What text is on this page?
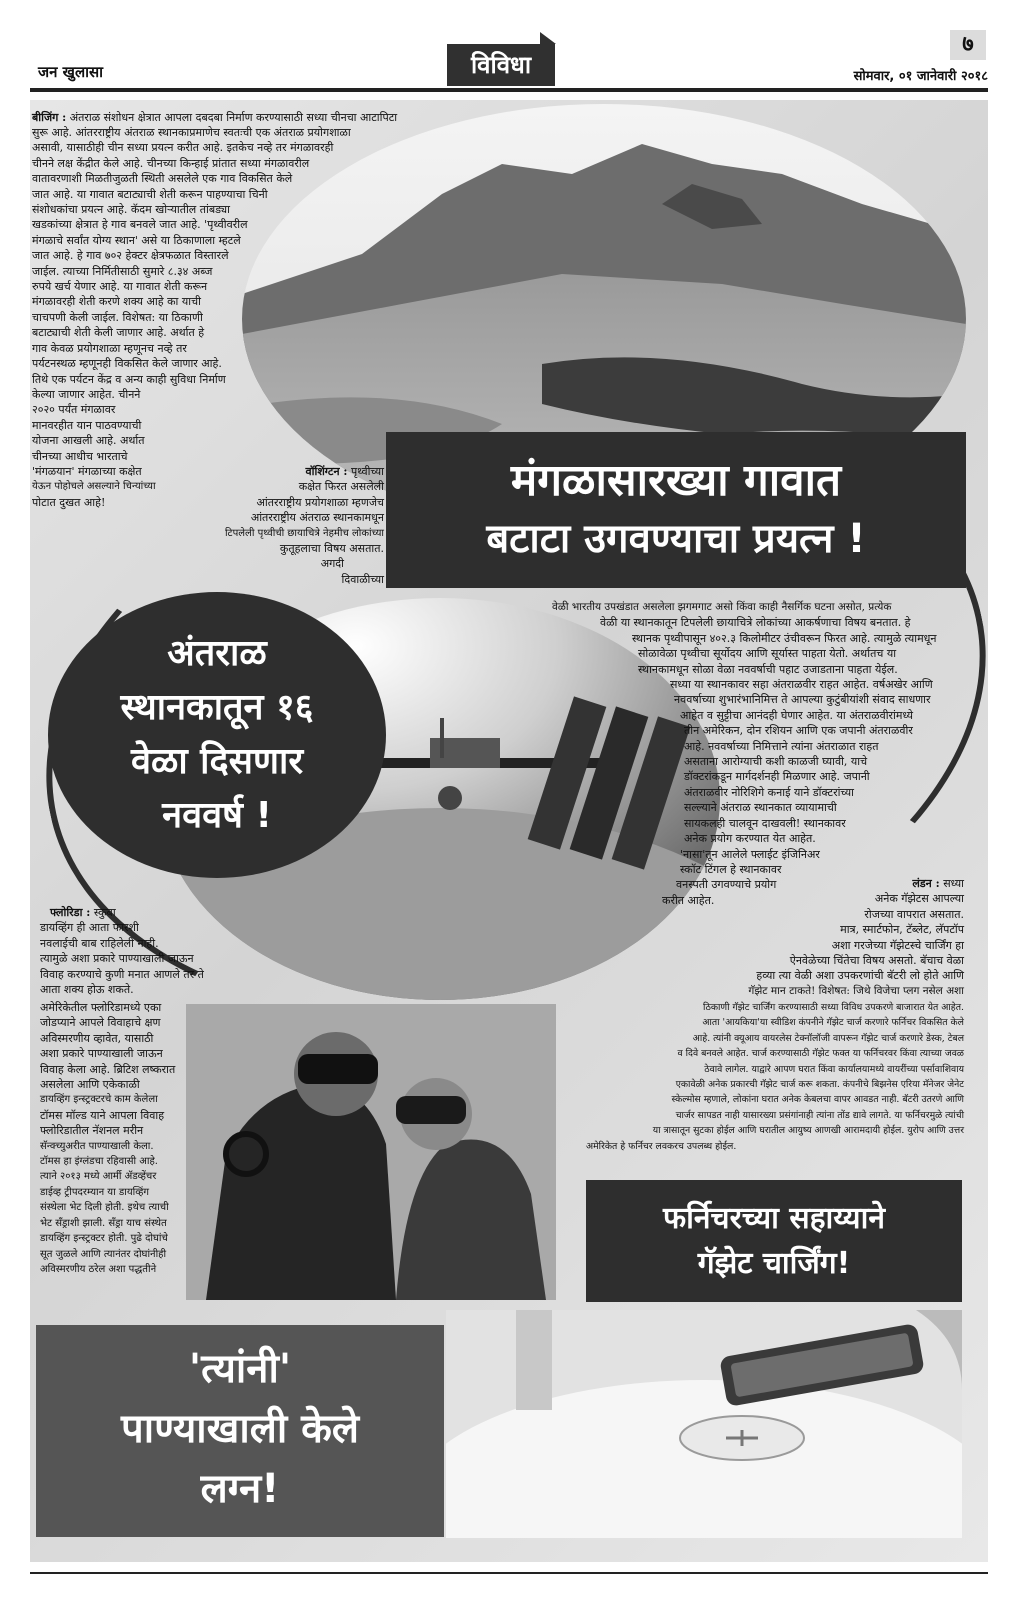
जन खुलासा	विविधा
७
सोमवार, ०१ जानेवारी २०१८

बीजिंग : अंतराळ संशोधन क्षेत्रात आपला दबदबा निर्माण करण्यासाठी सध्या चीनचा आटापिटा

सुरू आहे. आंतरराष्ट्रीय अंतराळ स्थानकाप्रमाणेच स्वतःची एक अंतराळ प्रयोगशाळा
असावी, यासाठीही चीन सध्या प्रयत्न करीत आहे. इतकेच नव्हे तर मंगळावरही
चीनने लक्ष केंद्रीत केले आहे. चीनच्या किन्हाई प्रांतात सध्या मंगळावरील
वातावरणाशी मिळतीजुळती स्थिती असलेले एक गाव विकसित केले
जात आहे. या गावात बटाट्याची शेती करून पाहण्याचा चिनी
संशोधकांचा प्रयत्न आहे. कॅदम खोऱ्यातील तांबड्या
खडकांच्या क्षेत्रात हे गाव बनवले जात आहे. 'पृथ्वीवरील
मंगळाचे सर्वांत योग्य स्थान' असे या ठिकाणाला म्हटले
जात आहे. हे गाव ७०२ हेक्टर क्षेत्रफळात विस्तारले
जाईल. त्याच्या निर्मितीसाठी सुमारे ८.३४ अब्ज
रुपये खर्च येणार आहे. या गावात शेती करून
मंगळावरही शेती करणे शक्य आहे का याची
चाचपणी केली जाईल. विशेषत: या ठिकाणी
बटाट्याची शेती केली जाणार आहे. अर्थात हे
गाव केवळ प्रयोगशाळा म्हणूनच नव्हे तर
पर्यटनस्थळ म्हणूनही विकसित केले जाणार आहे.
तिथे एक पर्यटन केंद्र व अन्य काही सुविधा निर्माण
केल्या जाणार आहेत. चीनने
२०२० पर्यंत मंगळावर
मानवरहीत यान पाठवण्याची
योजना आखली आहे. अर्थात
चीनच्या आधीच भारताचे
'मंगळयान' मंगळाच्या कक्षेत
येऊन पोहोचले असल्याने चिन्यांच्या
पोटात दुखत आहे!	मंगळासारख्या गावात
बटाटा उगवण्याचा प्रयत्न !
वॉशिंग्टन : पृथ्वीच्या
कक्षेत फिरत असलेली
आंतरराष्ट्रीय प्रयोगशाळा म्हणजेच
आंतरराष्ट्रीय अंतराळ स्थानकामधून
टिपलेली पृथ्वीची छायाचित्रे नेहमीच लोकांच्या
कुतूहलाचा विषय असतात.
अगदी
दिवाळीच्या
अंतराळ
स्थानकातून १६
वेळा दिसणार
नववर्ष !
वेळी भारतीय उपखंडात असलेला झगमगाट असो किंवा काही नैसर्गिक घटना असोत, प्रत्येक
वेळी या स्थानकातून टिपलेली छायाचित्रे लोकांच्या आकर्षणाचा विषय बनतात. हे
स्थानक पृथ्वीपासून ४०२.३ किलोमीटर उंचीवरून फिरत आहे. त्यामुळे त्यामधून
सोळावेळा पृथ्वीचा सूर्योदय आणि सूर्यास्त पाहता येतो. अर्थातच या
स्थानकामधून सोळा वेळा नववर्षाची पहाट उजाडताना पाहता येईल.
सध्या या स्थानकावर सहा अंतराळवीर राहत आहेत. वर्षअखेर आणि
नववर्षाच्या शुभारंभानिमित्त ते आपल्या कुटुंबीयांशी संवाद साधणार
आहेत व सुट्टीचा आनंदही घेणार आहेत. या अंतराळवीरांमध्ये
तीन अमेरिकन, दोन रशियन आणि एक जपानी अंतराळवीर
आहे. नववर्षाच्या निमित्ताने त्यांना अंतराळात राहत
असताना आरोग्याची कशी काळजी घ्यावी, याचे
डॉक्टरांकडून मार्गदर्शनही मिळणार आहे. जपानी
अंतराळवीर नोरिशिगे कनाई याने डॉक्टरांच्या
सल्ल्याने अंतराळ स्थानकात व्यायामाची
सायकलही चालवून दाखवली! स्थानकावर
अनेक प्रयोग करण्यात येत आहेत.
'नासा'तून आलेले फ्लाईट इंजिनिअर
स्कॉट टिंगल हे स्थानकावर
वनस्पती उगवण्याचे प्रयोग
करीत आहेत.
लंडन : सध्या
अनेक गॅझेटस आपल्या
रोजच्या वापरात असतात.
मात्र, स्मार्टफोन, टॅब्लेट, लॅपटॉप
अशा गरजेच्या गॅझेटस्चे चार्जिंग हा
ऐनवेळेच्या चिंतेचा विषय असतो. बॅचाच वेळा
हव्या त्या वेळी अशा उपकरणांची बॅटरी लो होते आणि
गॅझेट मान टाकते! विशेषत: जिथे विजेचा प्लग नसेल अशा
ठिकाणी गॅझेट चार्जिंग करण्यासाठी सध्या विविध उपकरणे बाजारात येत आहेत.
आता 'आयकिया'या स्वीडिश कंपनीने गॅझेट चार्ज करणारे फर्निचर विकसित केले
आहे. त्यांनी क्यूआय वायरलेस टेक्नॉलॉजी वापरून गॅझेट चार्ज करणारे डेस्क, टेबल
व दिवे बनवले आहेत. चार्ज करण्यासाठी गॅझेट फक्त या फर्निचरवर किंवा त्याच्या जवळ
ठेवावे लागेल. याद्वारे आपण घरात किंवा कार्यालयामध्ये वायरींच्या पर्सावाशिवाय
एकावेळी अनेक प्रकारची गॅझेट चार्ज करू शकता. कंपनीचे बिझनेस एरिया मॅनेजर जेनेट
स्केल्मोस म्हणाले, लोकांना घरात अनेक केबलचा वापर आवडत नाही. बॅटरी उतरणे आणि
चार्जर सापडत नाही यासारख्या प्रसंगांनाही त्यांना तोंड द्यावे लागते. या फर्निचरमुळे त्यांची
या त्रासातून सुटका होईल आणि घरातील आयुष्य आणखी आरामदायी होईल. युरोप आणि उत्तर
अमेरिकेत हे फर्निचर लवकरच उपलब्ध होईल.
फर्निचरच्या सहाय्याने
गॅझेट चार्जिंग!
फ्लोरिडा : स्कुबा
डायव्हिंग ही आता फारशी
नवलाईची बाब राहिलेली नाही.
त्यामुळे अशा प्रकारे पाण्याखाली जाऊन
विवाह करण्याचे कुणी मनात आणले तर ते
आता शक्य होऊ शकते.
अमेरिकेतील फ्लोरिडामध्ये एका
जोडप्याने आपले विवाहाचे क्षण
अविस्मरणीय व्हावेत, यासाठी
अशा प्रकारे पाण्याखाली जाऊन
विवाह केला आहे. ब्रिटिश लष्करात
असलेला आणि एकेकाळी
डायव्हिंग इन्स्ट्रक्टरचे काम केलेला
टॉमस मॉल्ड याने आपला विवाह
फ्लोरिडातील नॅशनल मरीन
सॅन्क्च्युअरीत पाण्याखाली केला.
टॉमस हा इंग्लंडचा रहिवासी आहे.
त्याने २०१३ मध्ये आर्मी ॲडव्हेंचर
डाईव्ह ट्रीपदरम्यान या डायव्हिंग
संस्थेला भेट दिली होती. इथेच त्याची
भेट सँड्राशी झाली. सँड्रा याच संस्थेत
डायव्हिंग इन्स्ट्रक्टर होती. पुढे दोघांचे
सूत जुळले आणि त्यानंतर दोघांनीही
अविस्मरणीय ठरेल अशा पद्धतीने
'त्यांनी'
पाण्याखाली केले
लग्न!
